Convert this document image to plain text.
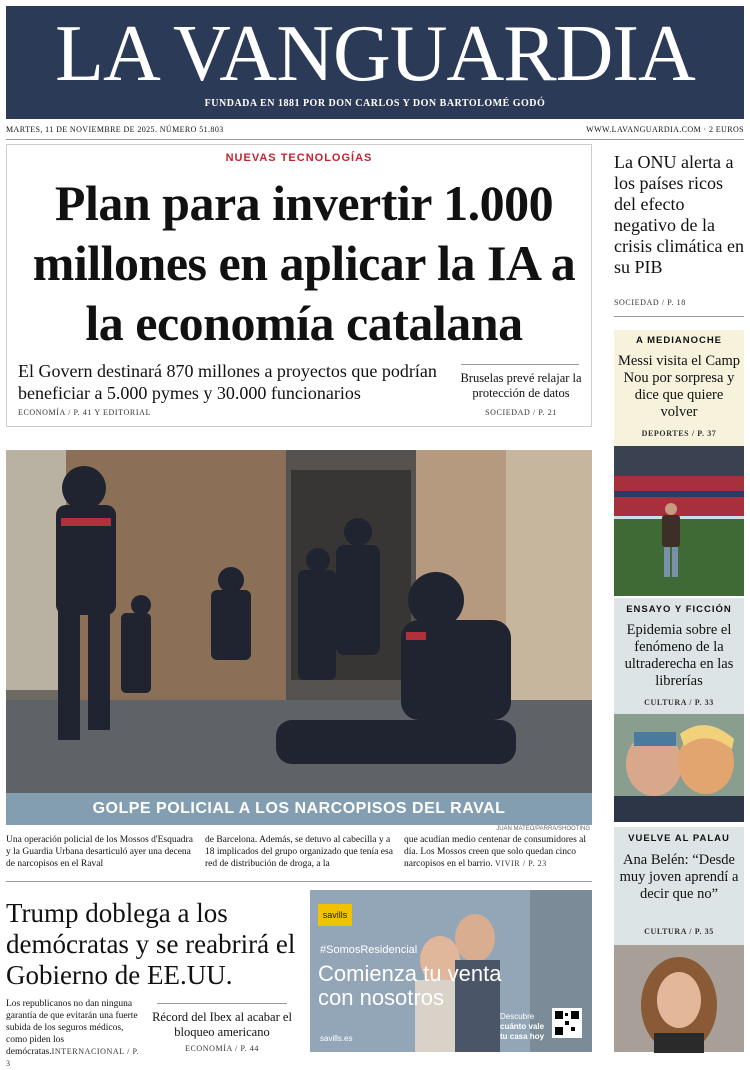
LA VANGUARDIA
FUNDADA EN 1881 POR DON CARLOS Y DON BARTOLOMÉ GODÓ
MARTES, 11 DE NOVIEMBRE DE 2025. NÚMERO 51.803	WWW.LAVANGUARDIA.COM · 2 EUROS
NUEVAS TECNOLOGÍAS
Plan para invertir 1.000 millones en aplicar la IA a la economía catalana
El Govern destinará 870 millones a proyectos que podrían beneficiar a 5.000 pymes y 30.000 funcionarios
ECONOMÍA / P. 41 Y EDITORIAL
Bruselas prevé relajar la protección de datos
SOCIEDAD / P. 21
La ONU alerta a los países ricos del efecto negativo de la crisis climática en su PIB
SOCIEDAD / P. 18
A MEDIANOCHE
Messi visita el Camp Nou por sorpresa y dice que quiere volver
DEPORTES / P. 37
ENSAYO Y FICCIÓN
Epidemia sobre el fenómeno de la ultraderecha en las librerías
CULTURA / P. 33
VUELVE AL PALAU
Ana Belén: “Desde muy joven aprendí a decir que no”
CULTURA / P. 35
GOLPE POLICIAL A LOS NARCOPISOS DEL RAVAL
JUAN MATEO/PARRA/SHOOTING
Una operación policial de los Mossos d'Esquadra y la Guardia Urbana desarticuló ayer una decena de narcopisos en el Raval
de Barcelona. Además, se detuvo al cabecilla y a 18 implicados del grupo organizado que tenía esa red de distribución de droga, a la
que acudían medio centenar de consumidores al día. Los Mossos creen que solo quedan cinco narcopisos en el barrio. VIVIR / P. 23
Trump doblega a los demócratas y se reabrirá el Gobierno de EE.UU.
Los republicanos no dan ninguna garantía de que evitarán una fuerte subida de los seguros médicos, como piden los demócratas.INTERNACIONAL / P. 3
Récord del Ibex al acabar el bloqueo americano
ECONOMÍA / P. 44
savills
#SomosResidencial
Comienza tu venta
con nosotros
Descubre
cuánto vale
tu casa hoy
savills.es
